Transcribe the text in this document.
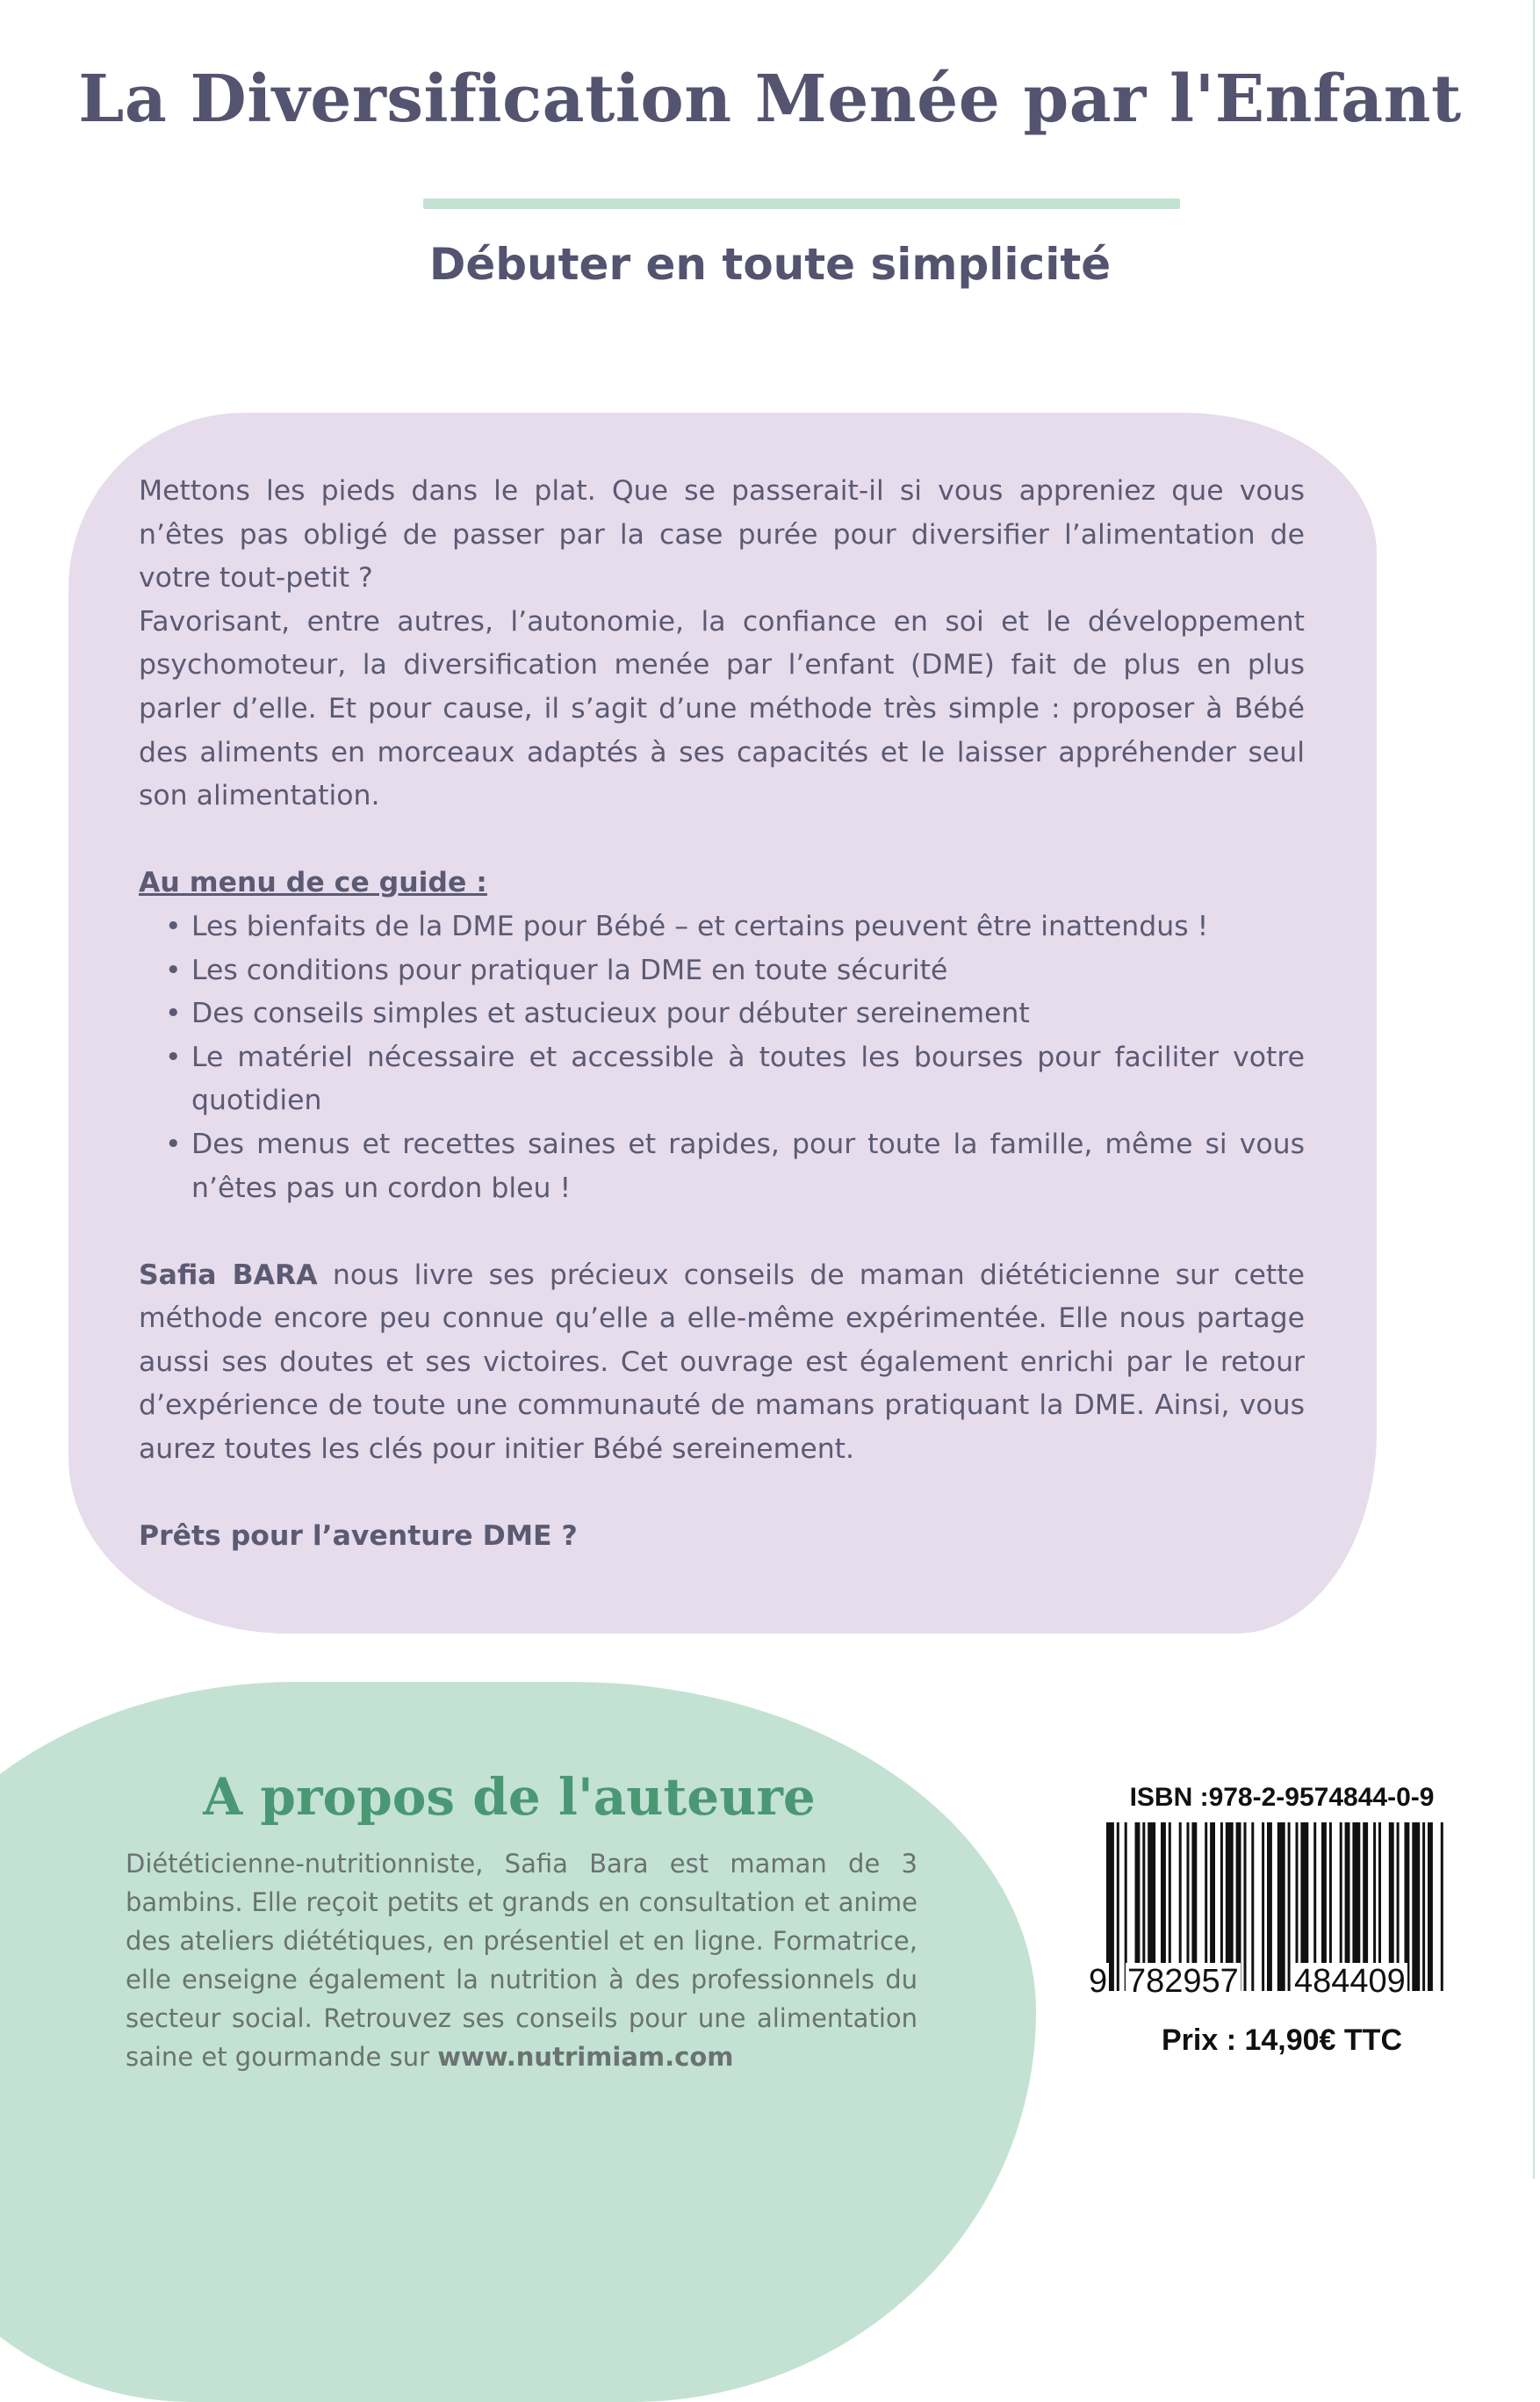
La Diversification Menée par l'Enfant
Débuter en toute simplicité

Mettons les pieds dans le plat. Que se passerait-il si vous appreniez que vous n’êtes pas obligé de passer par la case purée pour diversifier l’alimentation de votre tout-petit ?

Favorisant, entre autres, l’autonomie, la confiance en soi et le développement psychomoteur, la diversification menée par l’enfant (DME) fait de plus en plus parler d’elle. Et pour cause, il s’agit d’une méthode très simple : proposer à Bébé des aliments en morceaux adaptés à ses capacités et le laisser appréhender seul son alimentation.

Au menu de ce guide :

• Les bienfaits de la DME pour Bébé – et certains peuvent être inattendus !
• Les conditions pour pratiquer la DME en toute sécurité
• Des conseils simples et astucieux pour débuter sereinement
• Le matériel nécessaire et accessible à toutes les bourses pour faciliter votre quotidien
• Des menus et recettes saines et rapides, pour toute la famille, même si vous n’êtes pas un cordon bleu !

Safia BARA nous livre ses précieux conseils de maman diététicienne sur cette méthode encore peu connue qu’elle a elle-même expérimentée. Elle nous partage aussi ses doutes et ses victoires. Cet ouvrage est également enrichi par le retour d’expérience de toute une communauté de mamans pratiquant la DME. Ainsi, vous aurez toutes les clés pour initier Bébé sereinement.

Prêts pour l’aventure DME ?

A propos de l'auteure
Diététicienne-nutritionniste, Safia Bara est maman de 3 bambins. Elle reçoit petits et grands en consultation et anime des ateliers diététiques, en présentiel et en ligne. Formatrice, elle enseigne également la nutrition à des professionnels du secteur social. Retrouvez ses conseils pour une alimentation saine et gourmande sur www.nutrimiam.com
ISBN :978-2-9574844-0-9
9 782957 484409
Prix : 14,90€ TTC
